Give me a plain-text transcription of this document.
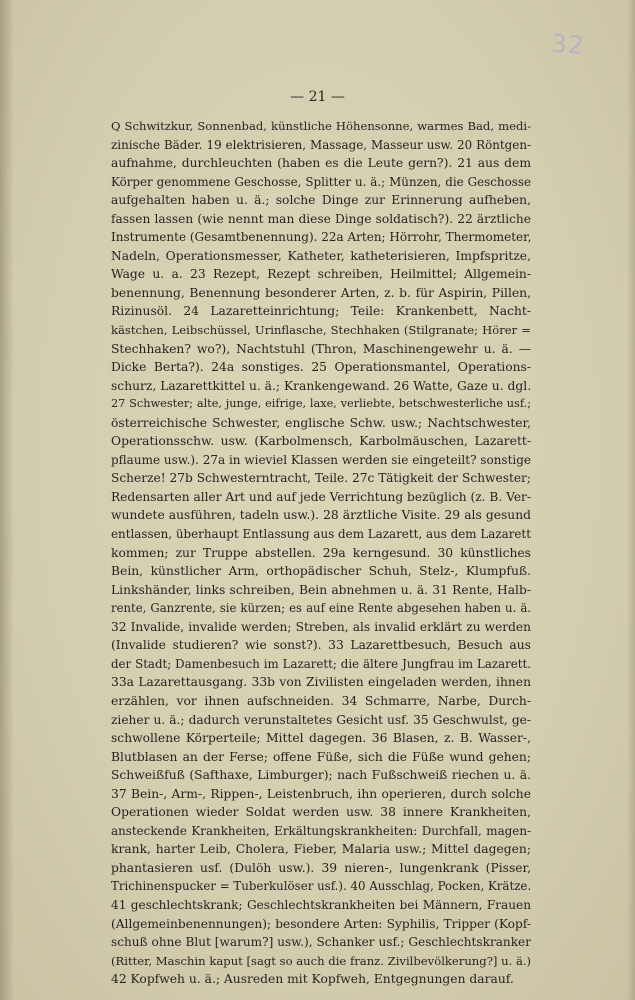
32
— 21 —
Q Schwitzkur, Sonnenbad, künstliche Höhensonne, warmes Bad, medi-
zinische Bäder. 19 elektrisieren, Massage, Masseur usw. 20 Röntgen-
aufnahme, durchleuchten (haben es die Leute gern?). 21 aus dem
Körper genommene Geschosse, Splitter u. ä.; Münzen, die Geschosse
aufgehalten haben u. ä.; solche Dinge zur Erinnerung aufheben,
fassen lassen (wie nennt man diese Dinge soldatisch?). 22 ärztliche
Instrumente (Gesamtbenennung). 22a Arten; Hörrohr, Thermometer,
Nadeln, Operationsmesser, Katheter, katheterisieren, Impfspritze,
Wage u. a. 23 Rezept, Rezept schreiben, Heilmittel; Allgemein-
benennung, Benennung besonderer Arten, z. b. für Aspirin, Pillen,
Rizinusöl. 24 Lazaretteinrichtung; Teile: Krankenbett, Nacht-
kästchen, Leibschüssel, Urinflasche, Stechhaken (Stilgranate; Hörer =
Stechhaken? wo?), Nachtstuhl (Thron, Maschinengewehr u. ä. —
Dicke Berta?). 24a sonstiges. 25 Operationsmantel, Operations-
schurz, Lazarettkittel u. ä.; Krankengewand. 26 Watte, Gaze u. dgl.
27 Schwester; alte, junge, eifrige, laxe, verliebte, betschwesterliche usf.;
österreichische Schwester, englische Schw. usw.; Nachtschwester,
Operationsschw. usw. (Karbolmensch, Karbolmäuschen, Lazarett-
pflaume usw.). 27a in wieviel Klassen werden sie eingeteilt? sonstige
Scherze! 27b Schwesterntracht, Teile. 27c Tätigkeit der Schwester;
Redensarten aller Art und auf jede Verrichtung bezüglich (z. B. Ver-
wundete ausführen, tadeln usw.). 28 ärztliche Visite. 29 als gesund
entlassen, überhaupt Entlassung aus dem Lazarett, aus dem Lazarett
kommen; zur Truppe abstellen. 29a kerngesund. 30 künstliches
Bein, künstlicher Arm, orthopädischer Schuh, Stelz-, Klumpfuß.
Linkshänder, links schreiben, Bein abnehmen u. ä. 31 Rente, Halb-
rente, Ganzrente, sie kürzen; es auf eine Rente abgesehen haben u. ä.
32 Invalide, invalide werden; Streben, als invalid erklärt zu werden
(Invalide studieren? wie sonst?). 33 Lazarettbesuch, Besuch aus
der Stadt; Damenbesuch im Lazarett; die ältere Jungfrau im Lazarett.
33a Lazarettausgang. 33b von Zivilisten eingeladen werden, ihnen
erzählen, vor ihnen aufschneiden. 34 Schmarre, Narbe, Durch-
zieher u. ä.; dadurch verunstaltetes Gesicht usf. 35 Geschwulst, ge-
schwollene Körperteile; Mittel dagegen. 36 Blasen, z. B. Wasser-,
Blutblasen an der Ferse; offene Füße, sich die Füße wund gehen;
Schweißfuß (Safthaxe, Limburger); nach Fußschweiß riechen u. ä.
37 Bein-, Arm-, Rippen-, Leistenbruch, ihn operieren, durch solche
Operationen wieder Soldat werden usw. 38 innere Krankheiten,
ansteckende Krankheiten, Erkältungskrankheiten: Durchfall, magen-
krank, harter Leib, Cholera, Fieber, Malaria usw.; Mittel dagegen;
phantasieren usf. (Dulöh usw.). 39 nieren-, lungenkrank (Pisser,
Trichinenspucker = Tuberkulöser usf.). 40 Ausschlag, Pocken, Krätze.
41 geschlechtskrank; Geschlechtskrankheiten bei Männern, Frauen
(Allgemeinbenennungen); besondere Arten: Syphilis, Tripper (Kopf-
schuß ohne Blut [warum?] usw.), Schanker usf.; Geschlechtskranker
(Ritter, Maschin kaput [sagt so auch die franz. Zivilbevölkerung?] u. ä.)
42 Kopfweh u. ä.; Ausreden mit Kopfweh, Entgegnungen darauf.
